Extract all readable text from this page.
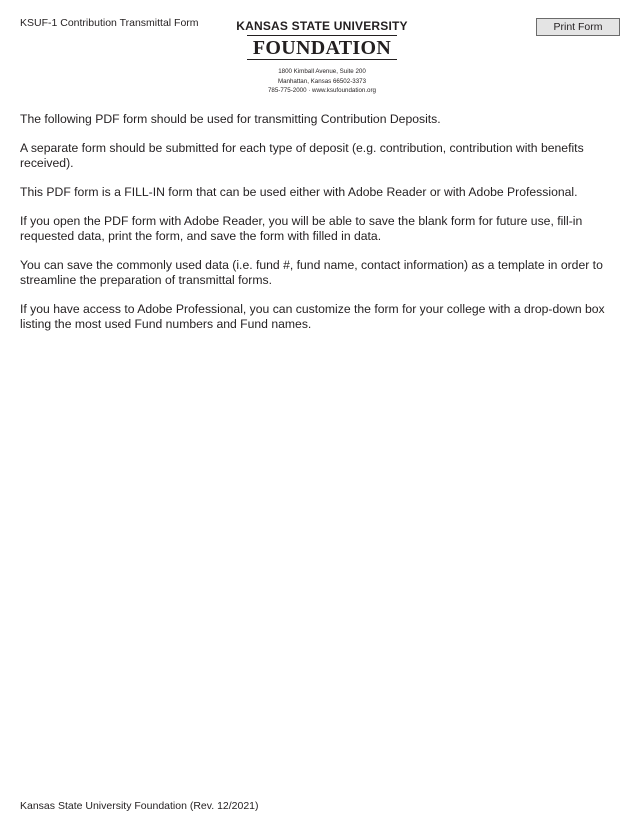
KSUF-1 Contribution Transmittal Form	Print Form
KANSAS STATE UNIVERSITY
FOUNDATION
1800 Kimball Avenue, Suite 200
Manhattan, Kansas 66502-3373
785-775-2000 · www.ksufoundation.org

The following PDF form should be used for transmitting Contribution Deposits.

A separate form should be submitted for each type of deposit (e.g. contribution, contribution with benefits received).

This PDF form is a FILL-IN form that can be used either with Adobe Reader or with Adobe Professional.

If you open the PDF form with Adobe Reader, you will be able to save the blank form for future use, fill-in requested data, print the form, and save the form with filled in data.

You can save the commonly used data (i.e. fund #, fund name, contact information) as a template in order to streamline the preparation of transmittal forms.

If you have access to Adobe Professional, you can customize the form for your college with a drop-down box listing the most used Fund numbers and Fund names.

Kansas State University Foundation (Rev. 12/2021)
